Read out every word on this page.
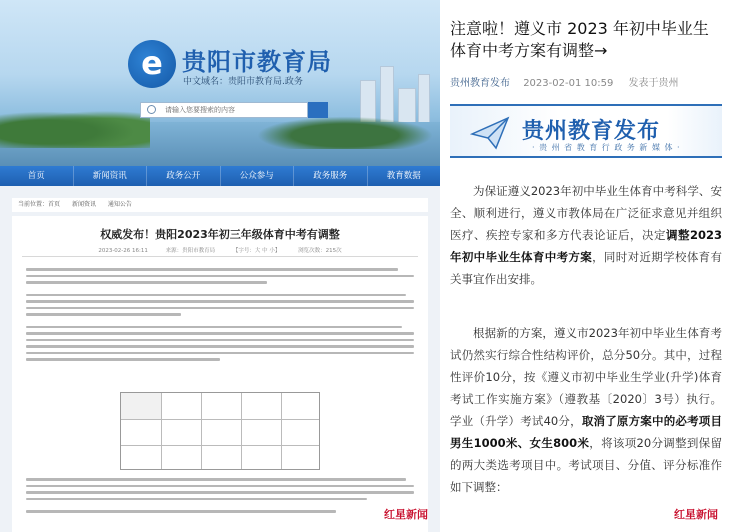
e 贵阳市教育局
中文域名：贵阳市教育局.政务
请输入您要搜索的内容
首页	新闻资讯	政务公开	公众参与	政务服务	教育数据
当前位置：首页 新闻资讯 通知公告
权威发布！贵阳2023年初三年级体育中考有调整
2023-02-26 16:11	来源：贵阳市教育局	【字号：大 中 小】	浏览次数：215次
红星新闻
注意啦！遵义市 2023 年初中毕业生体育中考方案有调整→
贵州教育发布 2023-02-01 10:59 发表于贵州
贵州教育发布
· 贵 州 省 教 育 行 政 务 新 媒 体 ·
为保证遵义2023年初中毕业生体育中考科学、安全、顺利进行，遵义市教体局在广泛征求意见并组织医疗、疾控专家和多方代表论证后，决定调整2023年初中毕业生体育中考方案，同时对近期学校体育有关事宜作出安排。
根据新的方案，遵义市2023年初中毕业生体育考试仍然实行综合性结构评价，总分50分。其中，过程性评价10分，按《遵义市初中毕业生学业(升学)体育考试工作实施方案》（遵教基〔2020〕3号）执行。学业（升学）考试40分，取消了原方案中的必考项目男生1000米、女生800米，将该项20分调整到保留的两大类选考项目中。考试项目、分值、评分标准作如下调整：
红星新闻
